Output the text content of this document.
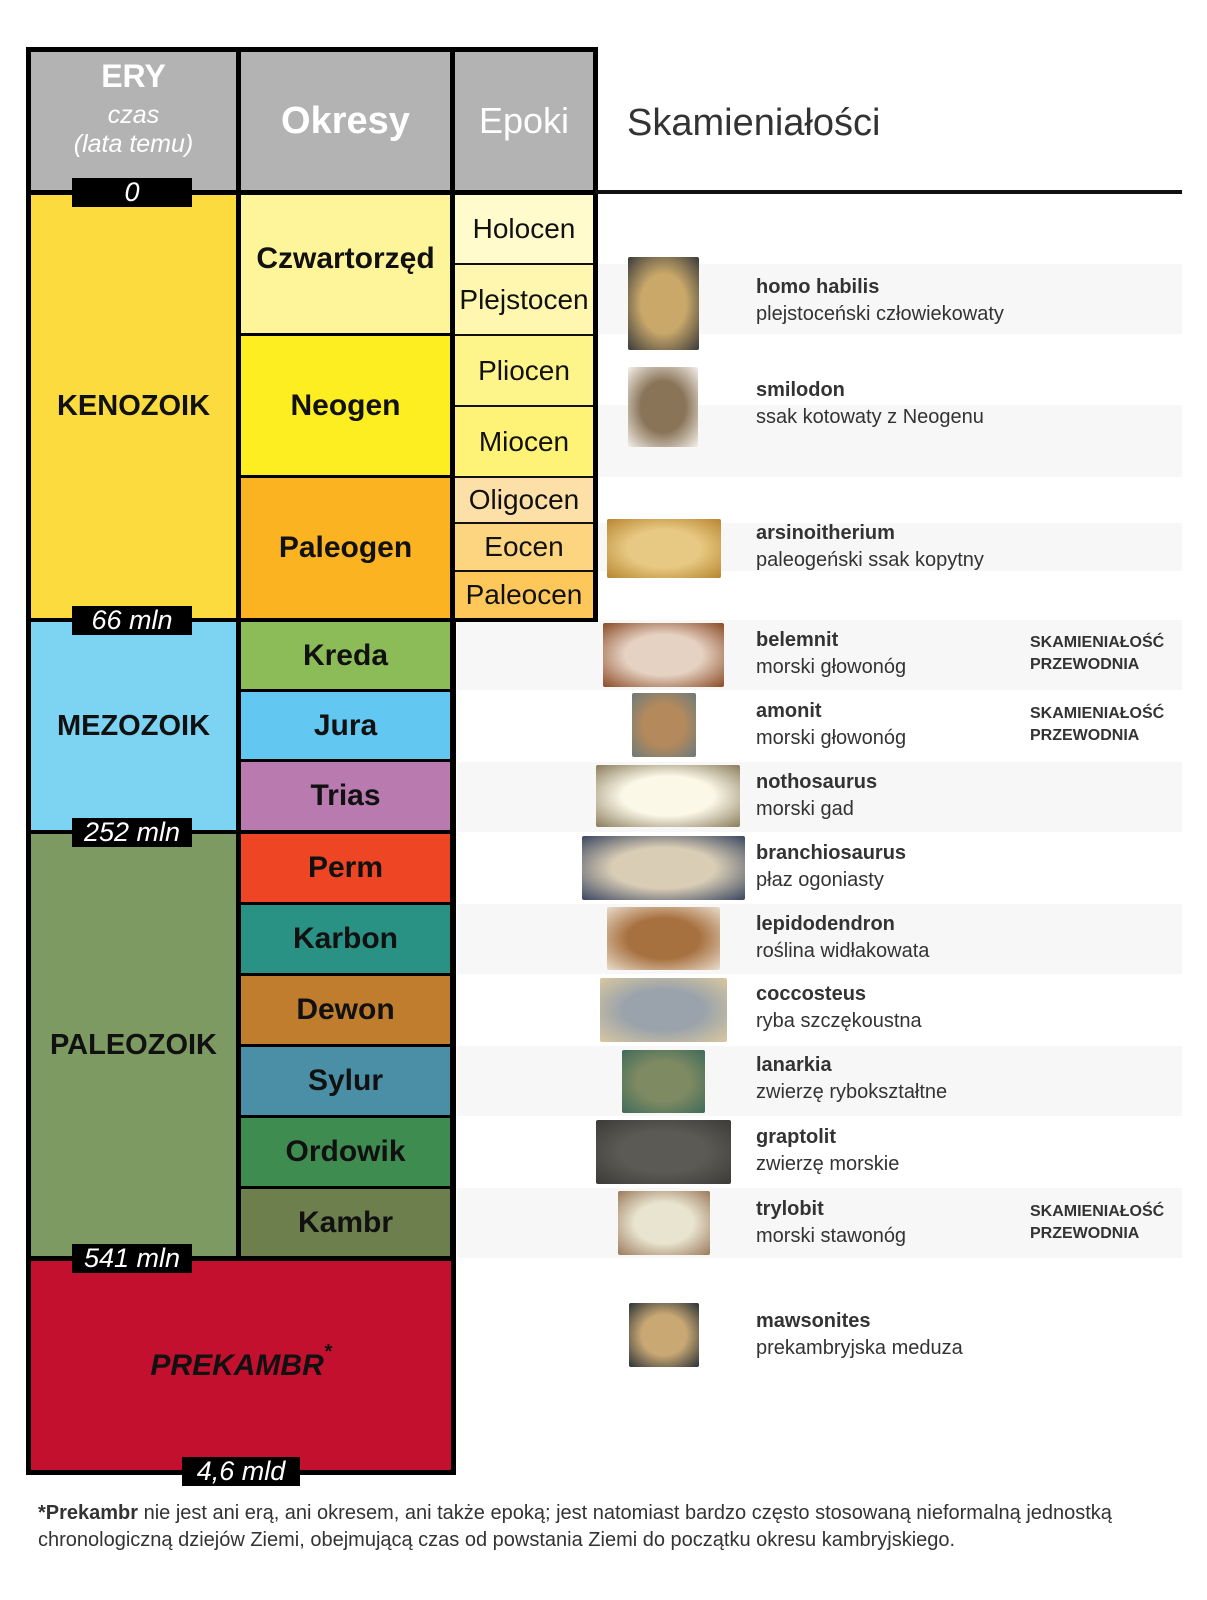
ERY
czas
(lata temu)
Okresy Epoki Skamieniałości
KENOZOIK
MEZOZOIK
PALEOZOIK
PREKAMBR*
Czwartorzęd
Neogen
Paleogen
Kreda
Jura
Trias
Perm
Karbon
Dewon
Sylur
Ordowik
Kambr
Holocen
Plejstocen
Pliocen
Miocen
Oligocen
Eocen
Paleocen
0
66 mln
252 mln
541 mln
4,6 mld
homo habilis
plejstoceński człowiekowaty
smilodon
ssak kotowaty z Neogenu
arsinoitherium
paleogeński ssak kopytny
belemnit
morski głowonóg
SKAMIENIAŁOŚĆ
PRZEWODNIA
amonit
morski głowonóg
SKAMIENIAŁOŚĆ
PRZEWODNIA
nothosaurus
morski gad
branchiosaurus
płaz ogoniasty
lepidodendron
roślina widłakowata
coccosteus
ryba szczękoustna
lanarkia
zwierzę rybokształtne
graptolit
zwierzę morskie
trylobit
morski stawonóg
SKAMIENIAŁOŚĆ
PRZEWODNIA
mawsonites
prekambryjska meduza
*Prekambr nie jest ani erą, ani okresem, ani także epoką; jest natomiast bardzo często stosowaną nieformalną jednostką chronologiczną dziejów Ziemi, obejmującą czas od powstania Ziemi do początku okresu kambryjskiego.
